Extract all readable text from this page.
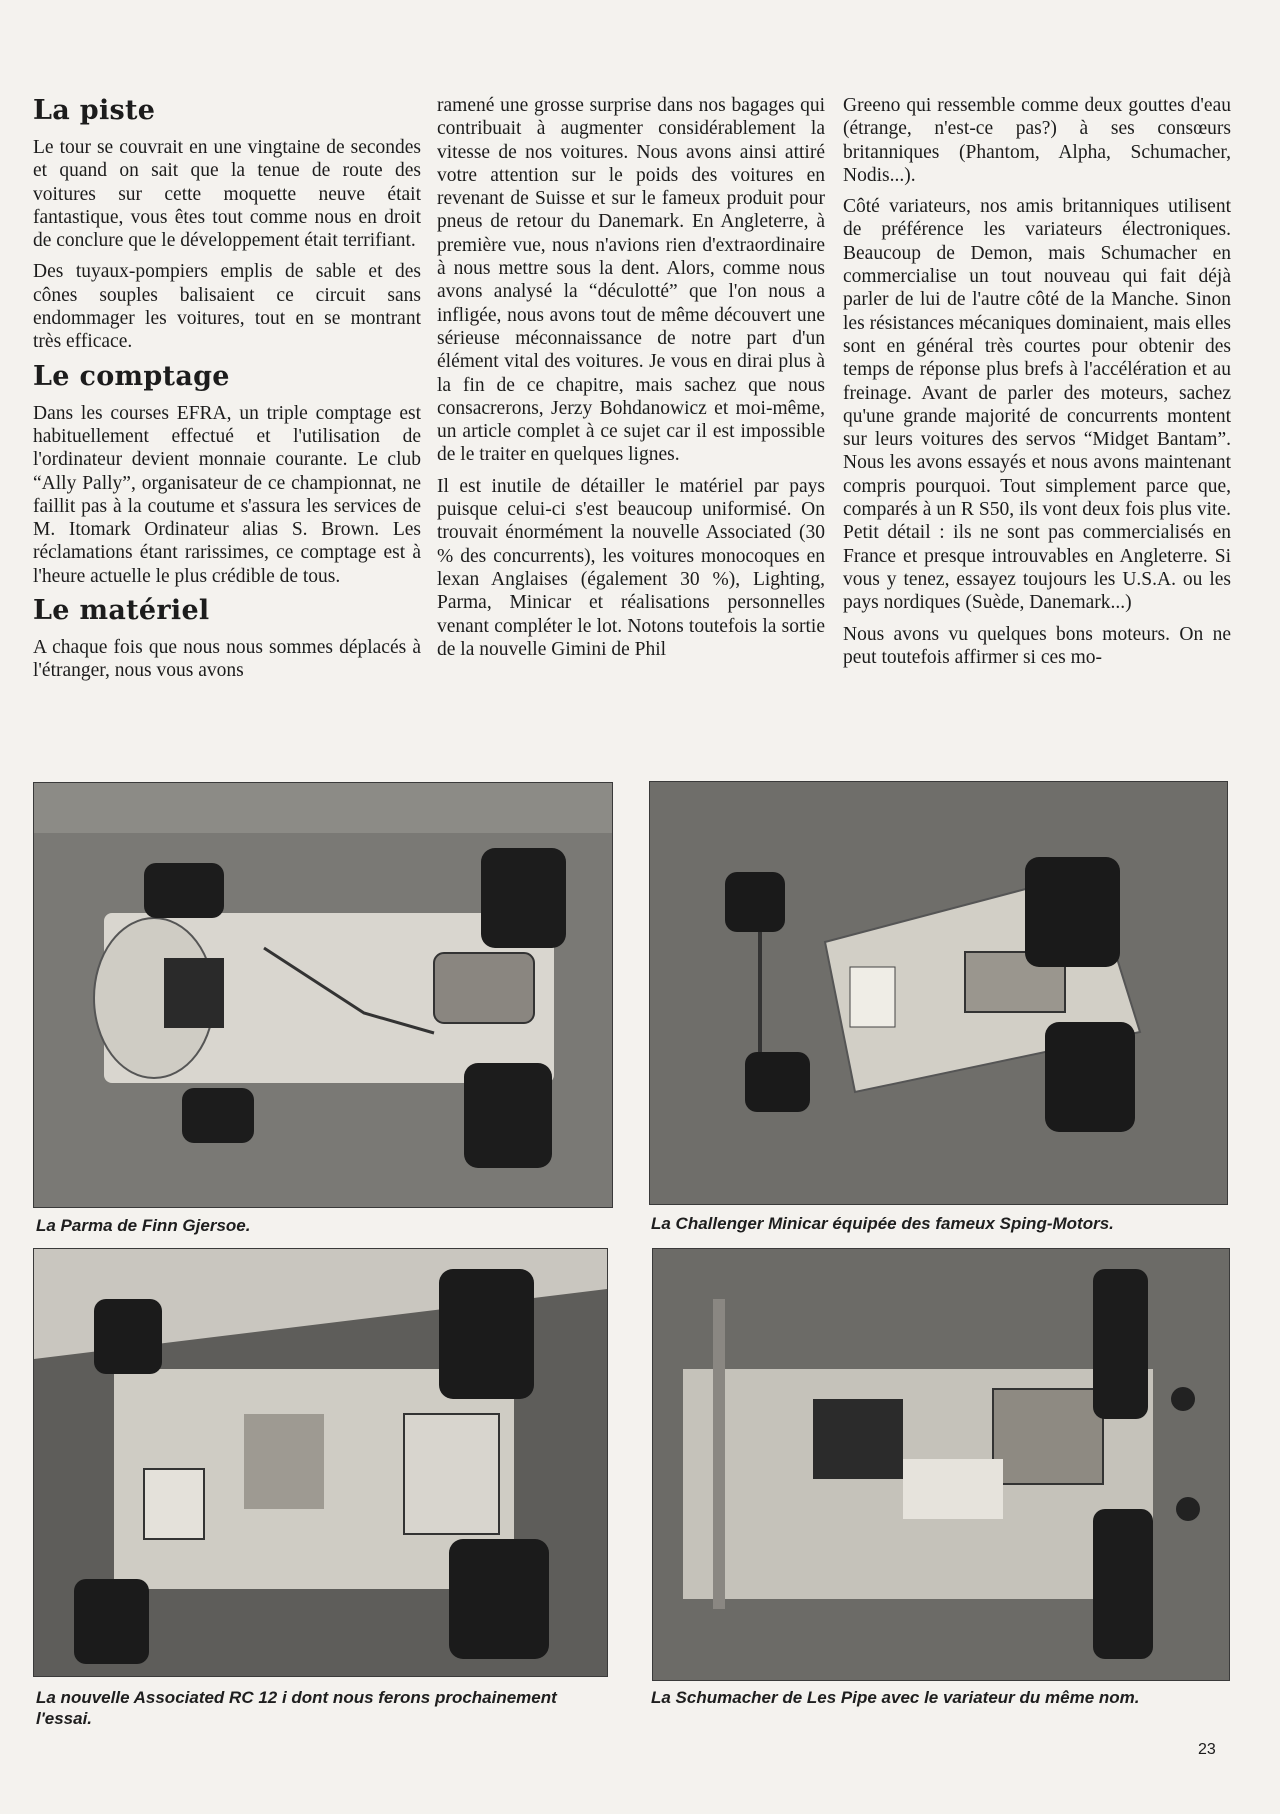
La piste

Le tour se couvrait en une vingtaine de secondes et quand on sait que la tenue de route des voitures sur cette moquette neuve était fantastique, vous êtes tout comme nous en droit de conclure que le développement était terrifiant.

Des tuyaux-pompiers emplis de sable et des cônes souples balisaient ce circuit sans endommager les voitures, tout en se montrant très efficace.

Le comptage

Dans les courses EFRA, un triple comptage est habituellement effectué et l'utilisation de l'ordinateur devient monnaie courante. Le club “Ally Pally”, organisateur de ce championnat, ne faillit pas à la coutume et s'assura les services de M. Itomark Ordinateur alias S. Brown. Les réclamations étant rarissimes, ce comptage est à l'heure actuelle le plus crédible de tous.

Le matériel

A chaque fois que nous nous sommes déplacés à l'étranger, nous vous avons

ramené une grosse surprise dans nos bagages qui contribuait à augmenter considérablement la vitesse de nos voitures. Nous avons ainsi attiré votre attention sur le poids des voitures en revenant de Suisse et sur le fameux produit pour pneus de retour du Danemark. En Angleterre, à première vue, nous n'avions rien d'extraordinaire à nous mettre sous la dent. Alors, comme nous avons analysé la “déculotté” que l'on nous a infligée, nous avons tout de même découvert une sérieuse méconnaissance de notre part d'un élément vital des voitures. Je vous en dirai plus à la fin de ce chapitre, mais sachez que nous consacrerons, Jerzy Bohdanowicz et moi-même, un article complet à ce sujet car il est impossible de le traiter en quelques lignes.

Il est inutile de détailler le matériel par pays puisque celui-ci s'est beaucoup uniformisé. On trouvait énormément la nouvelle Associated (30 % des concurrents), les voitures monocoques en lexan Anglaises (également 30 %), Lighting, Parma, Minicar et réalisations personnelles venant compléter le lot. Notons toutefois la sortie de la nouvelle Gimini de Phil

Greeno qui ressemble comme deux gouttes d'eau (étrange, n'est-ce pas?) à ses consœurs britanniques (Phantom, Alpha, Schumacher, Nodis...).

Côté variateurs, nos amis britanniques utilisent de préférence les variateurs électroniques. Beaucoup de Demon, mais Schumacher en commercialise un tout nouveau qui fait déjà parler de lui de l'autre côté de la Manche. Sinon les résistances mécaniques dominaient, mais elles sont en général très courtes pour obtenir des temps de réponse plus brefs à l'accélération et au freinage. Avant de parler des moteurs, sachez qu'une grande majorité de concurrents montent sur leurs voitures des servos “Midget Bantam”. Nous les avons essayés et nous avons maintenant compris pourquoi. Tout simplement parce que, comparés à un R S50, ils vont deux fois plus vite. Petit détail : ils ne sont pas commercialisés en France et presque introuvables en Angleterre. Si vous y tenez, essayez toujours les U.S.A. ou les pays nordiques (Suède, Danemark...)

Nous avons vu quelques bons moteurs. On ne peut toutefois affirmer si ces mo-

La Parma de Finn Gjersoe.	La Challenger Minicar équipée des fameux Sping-Motors.
La nouvelle Associated RC 12 i dont nous ferons prochainement l'essai.
La Schumacher de Les Pipe avec le variateur du même nom.
23
